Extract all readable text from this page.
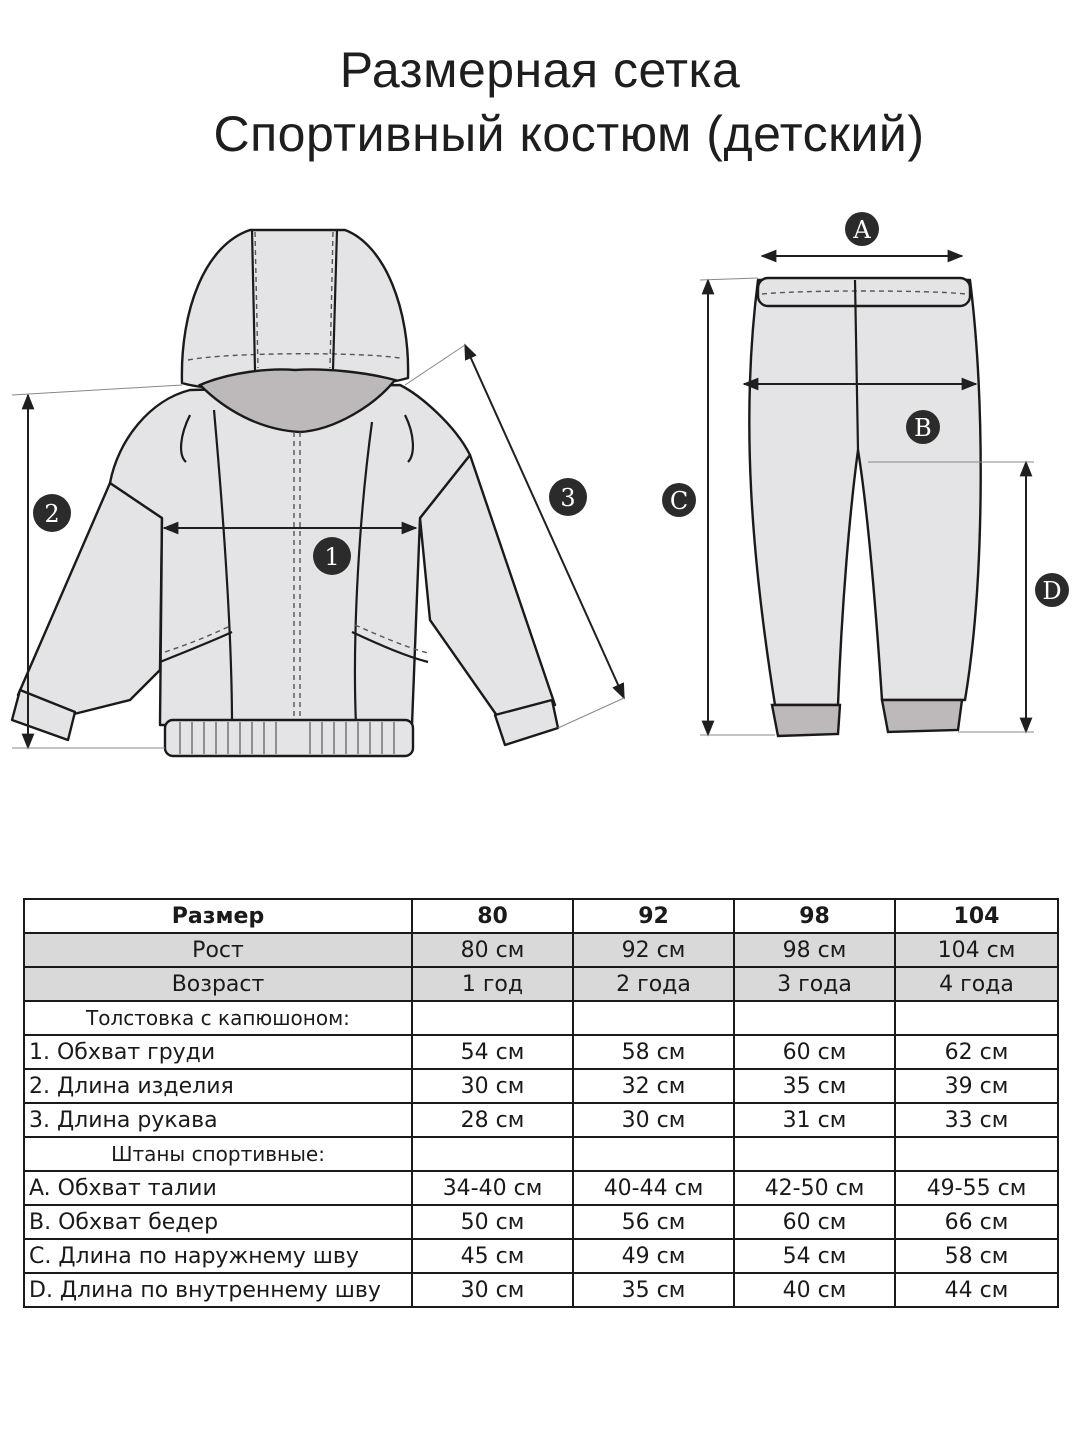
Размерная сетка
Спортивный костюм (детский)
1
2
3
A
B
C
D
Размер	80	92	98	104
Рост	80 см	92 см	98 см	104 см
Возраст	1 год	2 года	3 года	4 года
Толстовка с капюшоном:				
1. Обхват груди	54 см	58 см	60 см	62 см
2. Длина изделия	30 см	32 см	35 см	39 см
3. Длина рукава	28 см	30 см	31 см	33 см
Штаны спортивные:				
A. Обхват талии	34-40 см	40-44 см	42-50 см	49-55 см
B. Обхват бедер	50 см	56 см	60 см	66 см
C. Длина по наружнему шву	45 см	49 см	54 см	58 см
D. Длина по внутреннему шву	30 см	35 см	40 см	44 см
